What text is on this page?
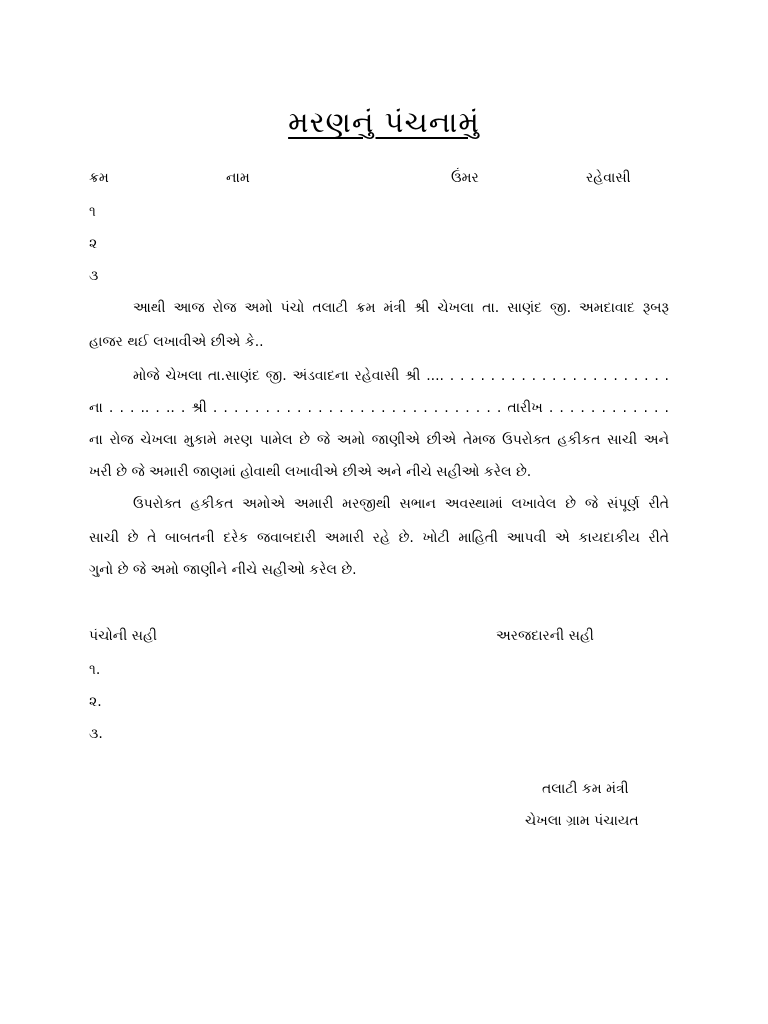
મરણનું પંચનામું
ક્રમ	નામ	ઉંમર	રહેવાસી
૧
૨
૩
આથી આજ રોજ અમો પંચો તલાટી ક્રમ મંત્રી શ્રી ચેખલા તા. સાણંદ જી. અમદાવાદ રૂબરૂ
હાજર થઈ લખાવીએ છીએ કે..
મોજે ચેખલા તા.સાણંદ જી. અંડવાદના રહેવાસી શ્રી .... . . . . . . . . . . . . . . . . . . . . . .
ના . . . .. . .. . શ્રી . . . . . . . . . . . . . . . . . . . . . . . . . . . . તારીખ . . . . . . . . . . . .
ના રોજ ચેખલા મુકામે મરણ પામેલ છે જે અમો જાણીએ છીએ તેમજ ઉપરોક્ત હકીકત સાચી અને
ખરી છે જે અમારી જાણમાં હોવાથી લખાવીએ છીએ અને નીચે સહીઓ કરેલ છે.
ઉપરોક્ત હકીકત અમોએ અમારી મરજીથી સભાન અવસ્થામાં લખાવેલ છે જે સંપૂર્ણ રીતે
સાચી છે તે બાબતની દરેક જવાબદારી અમારી રહે છે. ખોટી માહિતી આપવી એ કાયદાકીય રીતે
ગુનો છે જે અમો જાણીને નીચે સહીઓ કરેલ છે.
પંચોની સહી	અરજદારની સહી
૧.
૨.
૩.
તલાટી કમ મંત્રી
ચેખલા ગ્રામ પંચાયત
